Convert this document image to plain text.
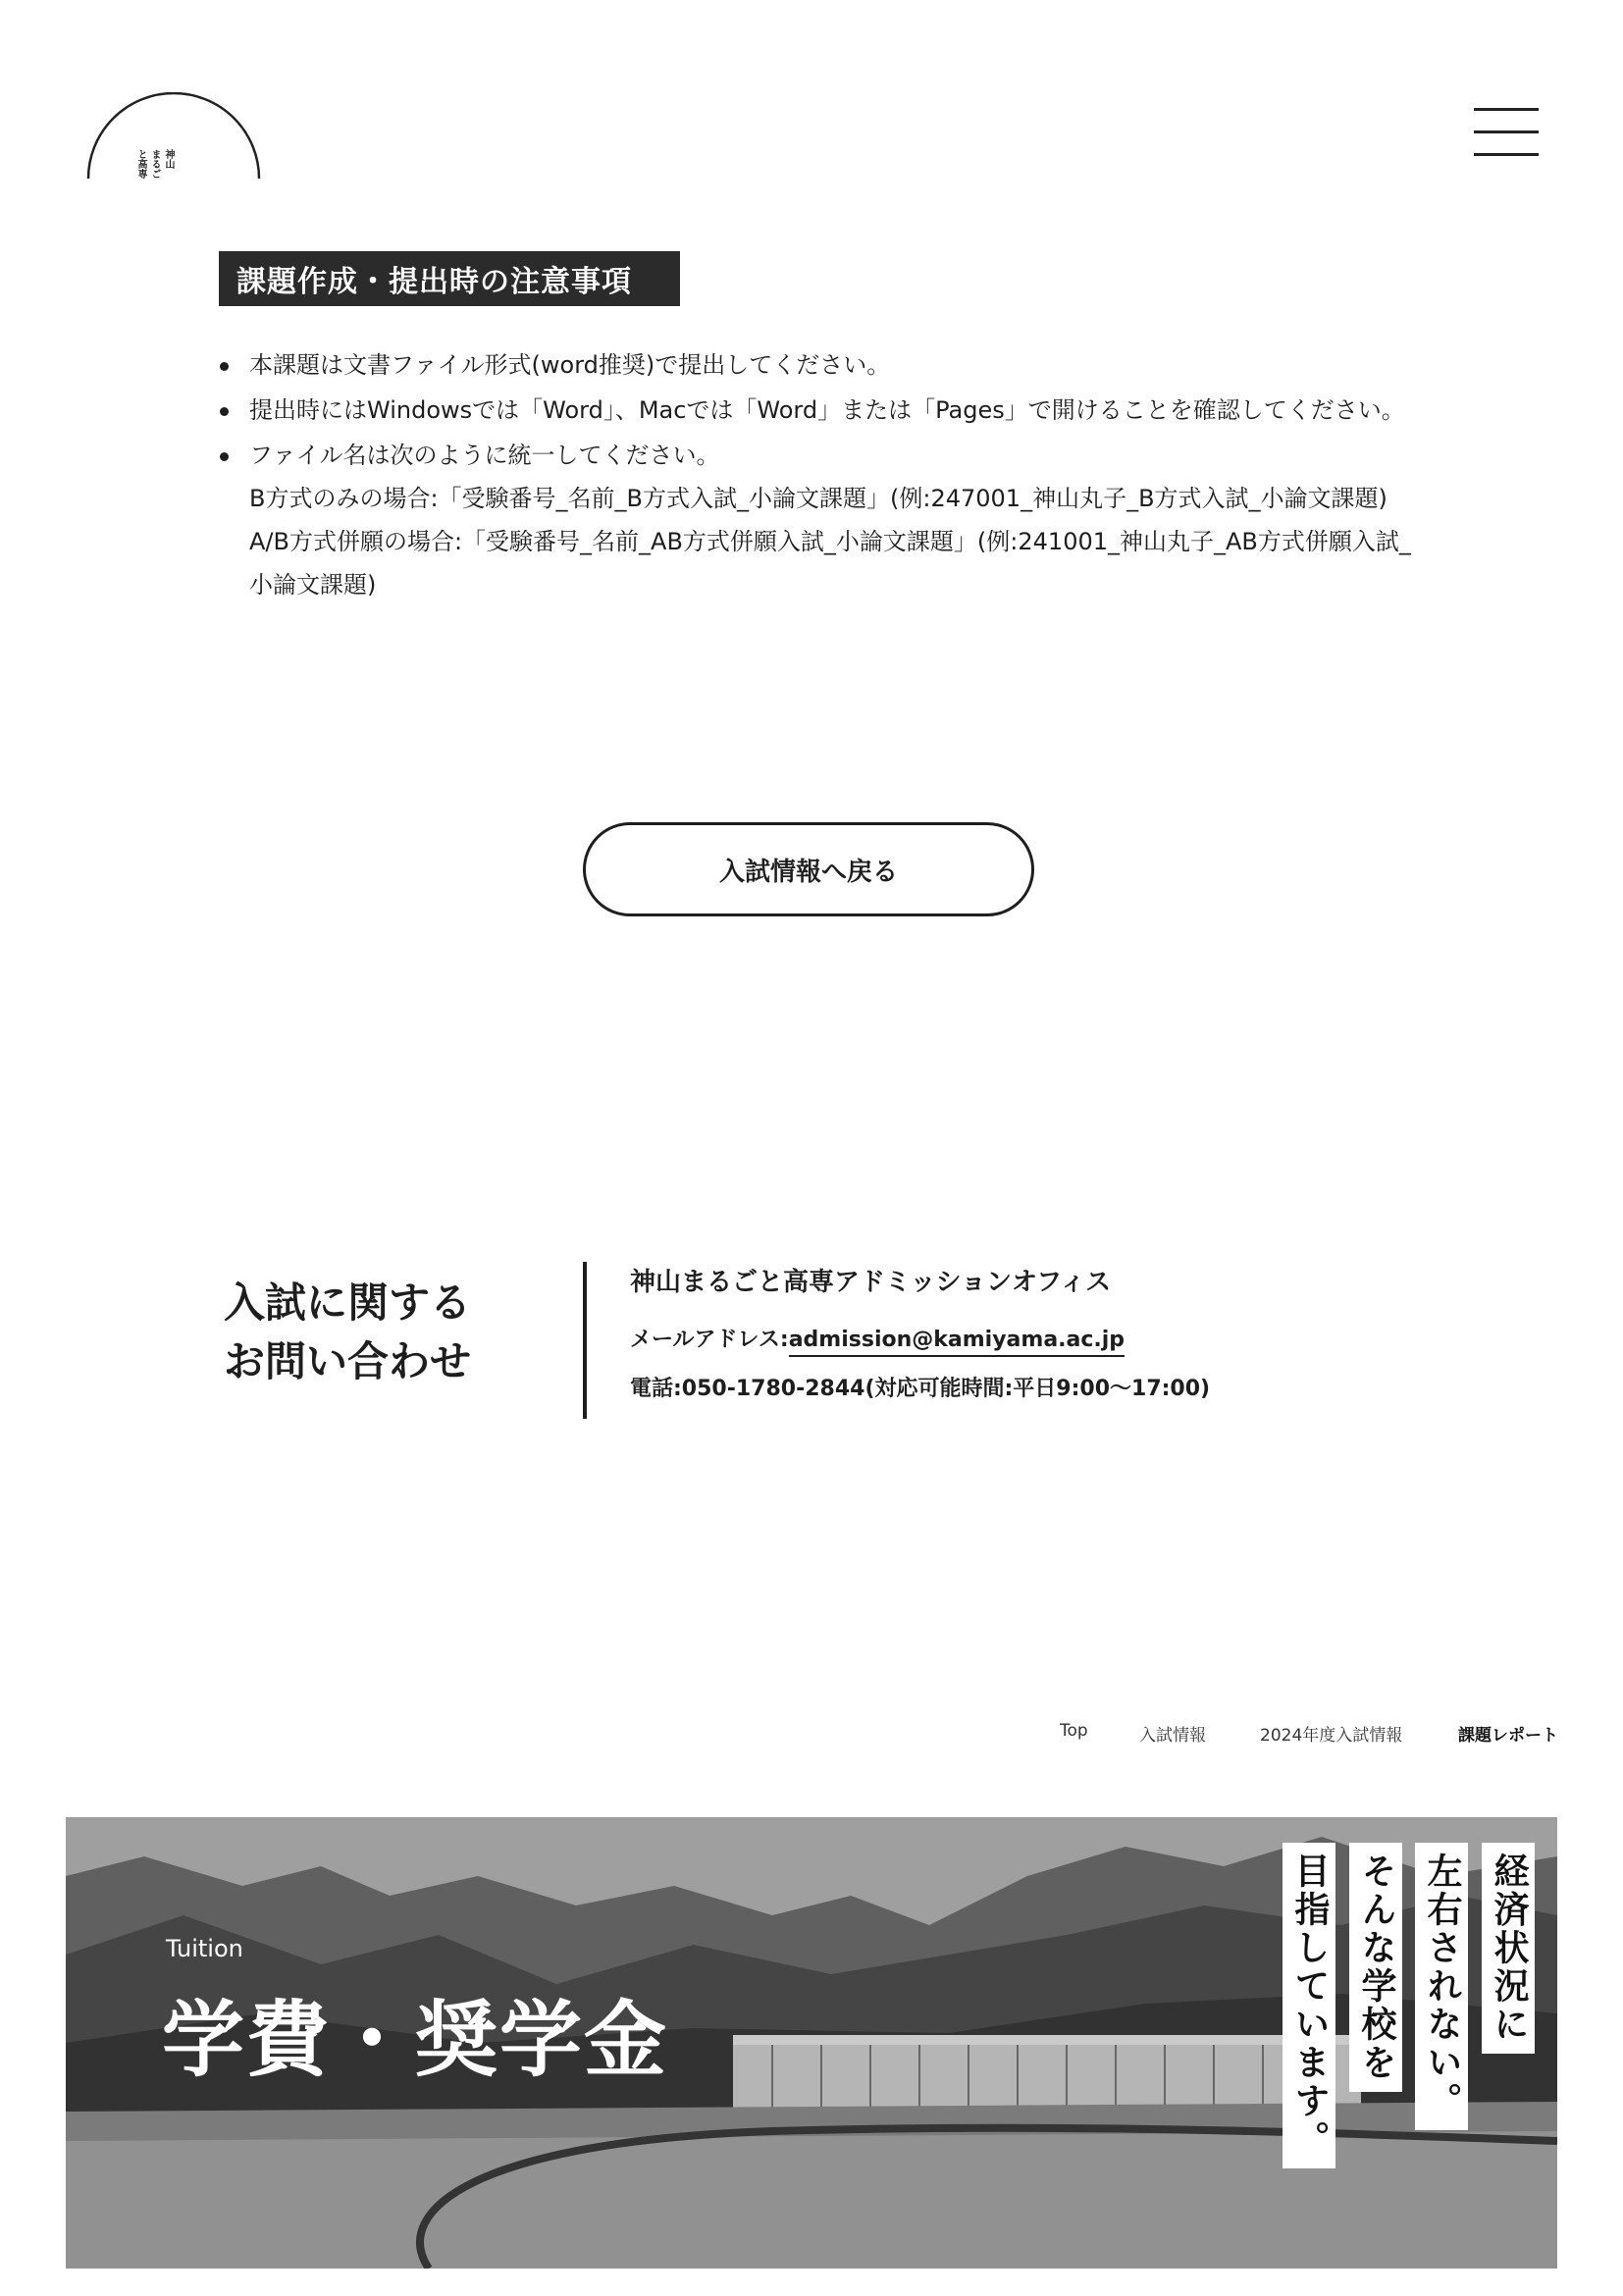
神山
まるご
と高専
課題作成・提出時の注意事項
本課題は文書ファイル形式(word推奨)で提出してください。
提出時にはWindowsでは「Word」、Macでは「Word」または「Pages」で開けることを確認してください。
ファイル名は次のように統一してください。
B方式のみの場合:「受験番号_名前_B方式入試_小論文課題」(例:247001_神山丸子_B方式入試_小論文課題)
A/B方式併願の場合:「受験番号_名前_AB方式併願入試_小論文課題」(例:241001_神山丸子_AB方式併願入試_小論文課題)
入試情報へ戻る
入試に関する
お問い合わせ
神山まるごと高専アドミッションオフィス
メールアドレス:admission@kamiyama.ac.jp
電話:050-1780-2844(対応可能時間:平日9:00〜17:00)
Top	入試情報	2024年度入試情報	課題レポート
Tuition
学費・奨学金	経済状況に
左右されない。
そんな学校を
目指しています。
